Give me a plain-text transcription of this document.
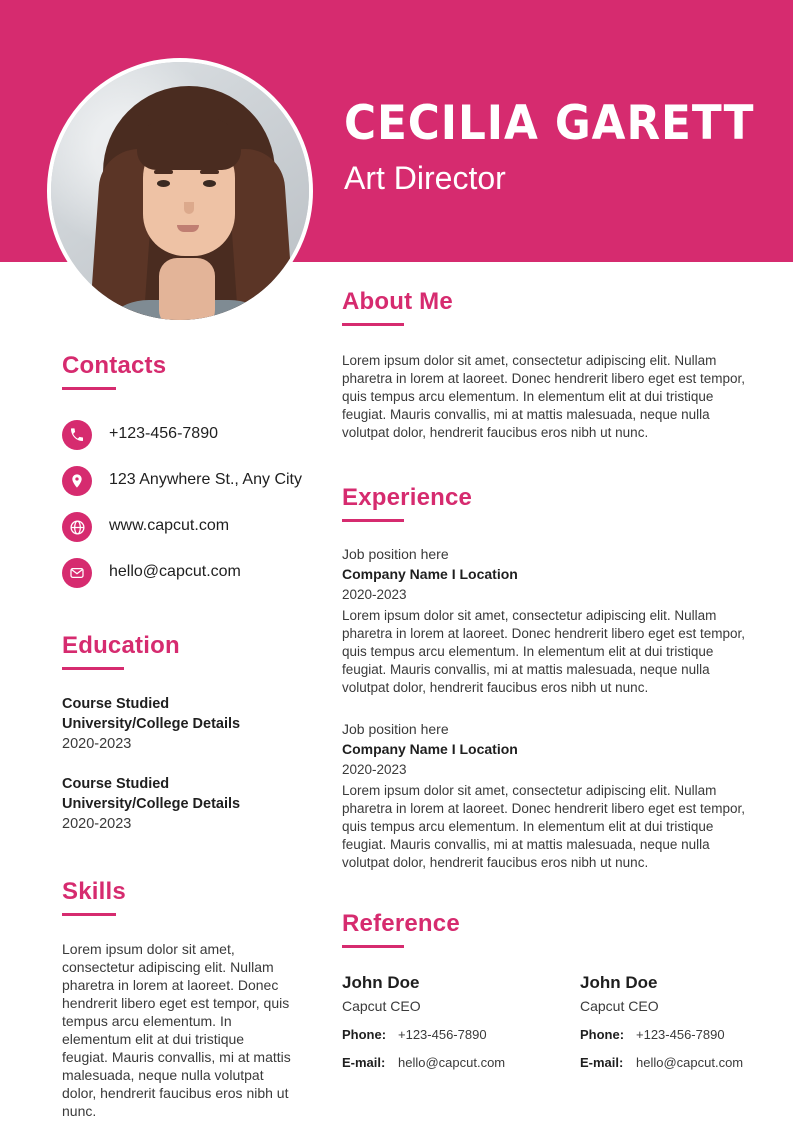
CECILIA GARETT
Art Director
Contacts
+123-456-7890
123 Anywhere St., Any City
www.capcut.com
hello@capcut.com
Education
Course Studied
University/College Details
2020-2023
Course Studied
University/College Details
2020-2023
Skills
Lorem ipsum dolor sit amet, consectetur adipiscing elit. Nullam pharetra in lorem at laoreet. Donec hendrerit libero eget est tempor, quis tempus arcu elementum. In elementum elit at dui tristique feugiat. Mauris convallis, mi at mattis malesuada, neque nulla volutpat dolor, hendrerit faucibus eros nibh ut nunc.
About Me
Lorem ipsum dolor sit amet, consectetur adipiscing elit. Nullam pharetra in lorem at laoreet. Donec hendrerit libero eget est tempor, quis tempus arcu elementum. In elementum elit at dui tristique feugiat. Mauris convallis, mi at mattis malesuada, neque nulla volutpat dolor, hendrerit faucibus eros nibh ut nunc.
Experience
Job position here
Company Name I Location
2020-2023
Lorem ipsum dolor sit amet, consectetur adipiscing elit. Nullam pharetra in lorem at laoreet. Donec hendrerit libero eget est tempor, quis tempus arcu elementum. In elementum elit at dui tristique feugiat. Mauris convallis, mi at mattis malesuada, neque nulla volutpat dolor, hendrerit faucibus eros nibh ut nunc.
Job position here
Company Name I Location
2020-2023
Lorem ipsum dolor sit amet, consectetur adipiscing elit. Nullam pharetra in lorem at laoreet. Donec hendrerit libero eget est tempor, quis tempus arcu elementum. In elementum elit at dui tristique feugiat. Mauris convallis, mi at mattis malesuada, neque nulla volutpat dolor, hendrerit faucibus eros nibh ut nunc.
Reference
John Doe
Capcut CEO
Phone: +123-456-7890
E-mail: hello@capcut.com
John Doe
Capcut CEO
Phone: +123-456-7890
E-mail: hello@capcut.com
